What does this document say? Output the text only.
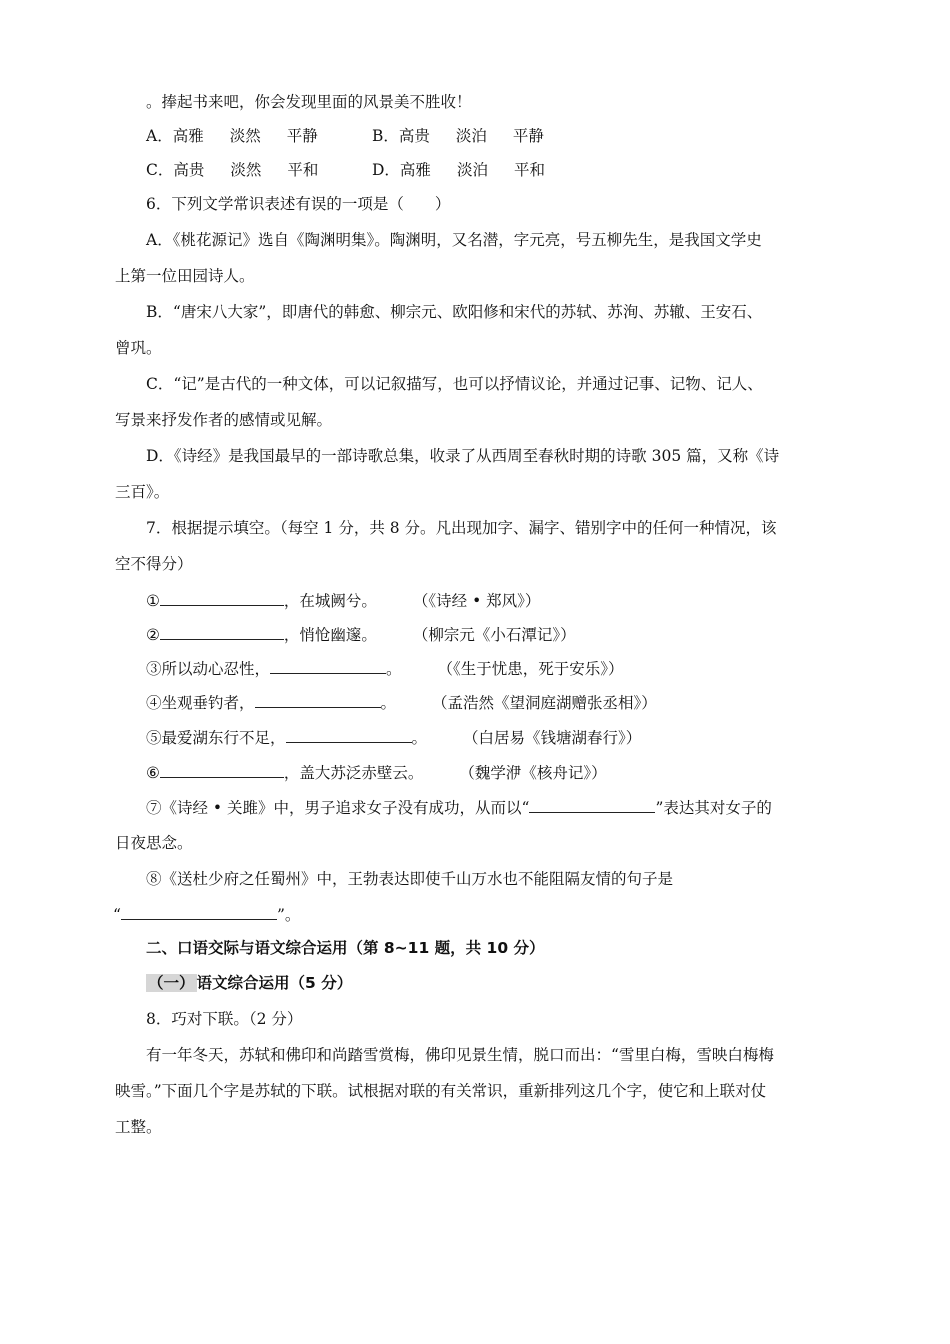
。捧起书来吧，你会发现里面的风景美不胜收！
A．高雅 淡然 平静	B．高贵 淡泊 平静
C．高贵 淡然 平和	D．高雅 淡泊 平和
6．下列文学常识表述有误的一项是（　　）
A．《桃花源记》选自《陶渊明集》。陶渊明，又名潜，字元亮，号五柳先生，是我国文学史
上第一位田园诗人。
B．“唐宋八大家”，即唐代的韩愈、柳宗元、欧阳修和宋代的苏轼、苏洵、苏辙、王安石、
曾巩。
C．“记”是古代的一种文体，可以记叙描写，也可以抒情议论，并通过记事、记物、记人、
写景来抒发作者的感情或见解。
D．《诗经》是我国最早的一部诗歌总集，收录了从西周至春秋时期的诗歌 305 篇，又称《诗
三百》。
7．根据提示填空。（每空 1 分，共 8 分。凡出现加字、漏字、错别字中的任何一种情况，该
空不得分）
①	，在城阙兮。 （《诗经 • 郑风》）
②	，悄怆幽邃。 （柳宗元《小石潭记》）
③所以动心忍性，	。 （《生于忧患，死于安乐》）
④坐观垂钓者，	。 （孟浩然《望洞庭湖赠张丞相》）
⑤最爱湖东行不足，	。 （白居易《钱塘湖春行》）
⑥	，盖大苏泛赤壁云。 （魏学洢《核舟记》）
⑦《诗经 • 关雎》中，男子追求女子没有成功，从而以“	”表达其对女子的
日夜思念。
⑧《送杜少府之任蜀州》中，王勃表达即使千山万水也不能阻隔友情的句子是
“	”。
二、口语交际与语文综合运用（第 8~11 题，共 10 分）
（一） 语文综合运用（5 分）
8．巧对下联。（2 分）
有一年冬天，苏轼和佛印和尚踏雪赏梅，佛印见景生情，脱口而出：“雪里白梅，雪映白梅梅
映雪。”下面几个字是苏轼的下联。试根据对联的有关常识，重新排列这几个字，使它和上联对仗
工整。
